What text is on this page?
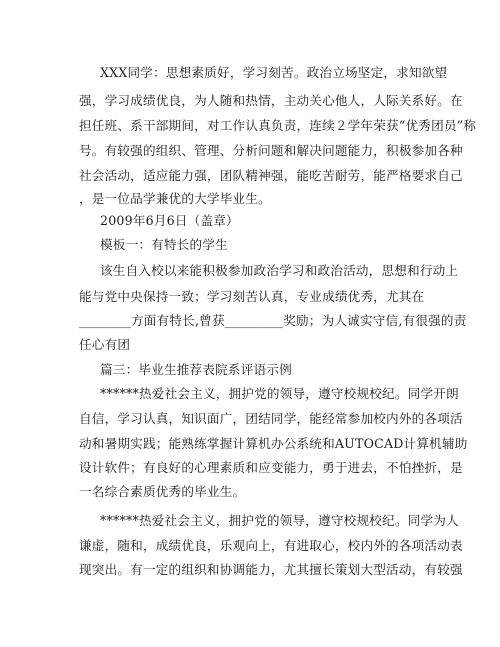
XXX同学：思想素质好，学习刻苦。政治立场坚定，求知欲望
强，学习成绩优良，为人随和热情，主动关心他人，人际关系好。在
担任班、系干部期间，对工作认真负责，连续２学年荣获“优秀团员”称
号。有较强的组织、管理、分析问题和解决问题能力，积极参加各种
社会活动，适应能力强，团队精神强，能吃苦耐劳，能严格要求自己
，是一位品学兼优的大学毕业生。
2009年6月6日（盖章）
模板一：有特长的学生
该生自入校以来能积极参加政治学习和政治活动，思想和行动上
能与党中央保持一致；学习刻苦认真，专业成绩优秀，尤其在
________方面有特长,曾获_________奖励；为人诚实守信,有很强的责
任心有团
篇三：毕业生推荐表院系评语示例
******热爱社会主义，拥护党的领导，遵守校规校纪。同学开朗
自信，学习认真，知识面广，团结同学，能经常参加校内外的各项活
动和暑期实践；能熟练掌握计算机办公系统和AUTOCAD计算机辅助
设计软件；有良好的心理素质和应变能力，勇于进去，不怕挫折，是
一名综合素质优秀的毕业生。
******热爱社会主义，拥护党的领导，遵守校规校纪。同学为人
谦虚，随和，成绩优良，乐观向上，有进取心，校内外的各项活动表
现突出。有一定的组织和协调能力，尤其擅长策划大型活动，有较强
